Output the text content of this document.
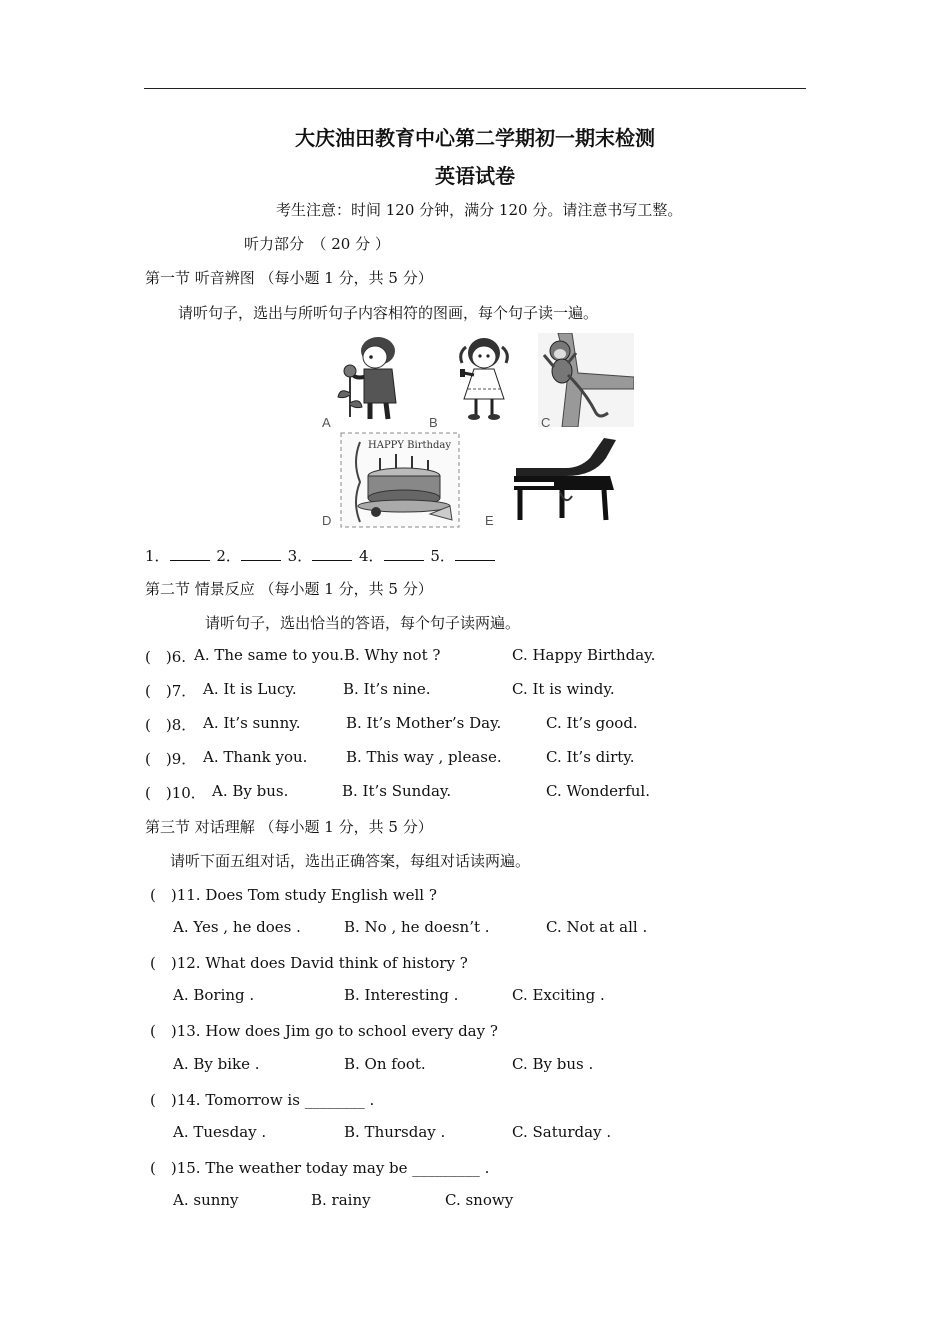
大庆油田教育中心第二学期初一期末检测
英语试卷
考生注意：时间 120 分钟，满分 120 分。请注意书写工整。
听力部分　（ 20 分 ）
第一节 听音辨图 （每小题 1 分，共 5 分）
请听句子，选出与所听句子内容相符的图画，每个句子读一遍。
HAPPY Birthday
A	B	C
D	E
1．	2．	3．	4．	5．
第二节 情景反应 （每小题 1 分，共 5 分）
请听句子，选出恰当的答语，每个句子读两遍。
(　)6. A. The same to you. B. Why not ?	C. Happy Birthday.
(　)7． A. It is Lucy.	B. It’s nine.	C. It is windy.
(　)8． A. It’s sunny.	B. It’s Mother’s Day.	C. It’s good.
(　)9． A. Thank you.	B. This way , please.	C. It’s dirty.
(　)10． A. By bus.	B. It’s Sunday.	C. Wonderful.
第三节 对话理解 （每小题 1 分，共 5 分）
请听下面五组对话，选出正确答案，每组对话读两遍。
(　)11. Does Tom study English well ?
A. Yes , he does .	B. No , he doesn’t .	C. Not at all .
(　)12. What does David think of history ?
A. Boring .	B. Interesting .	C. Exciting .
(　)13. How does Jim go to school every day ?
A. By bike .	B. On foot.	C. By bus .
(　)14. Tomorrow is ________ .
A. Tuesday .	B. Thursday .	C. Saturday .
(　)15. The weather today may be _________ .
A. sunny	B. rainy	C. snowy
